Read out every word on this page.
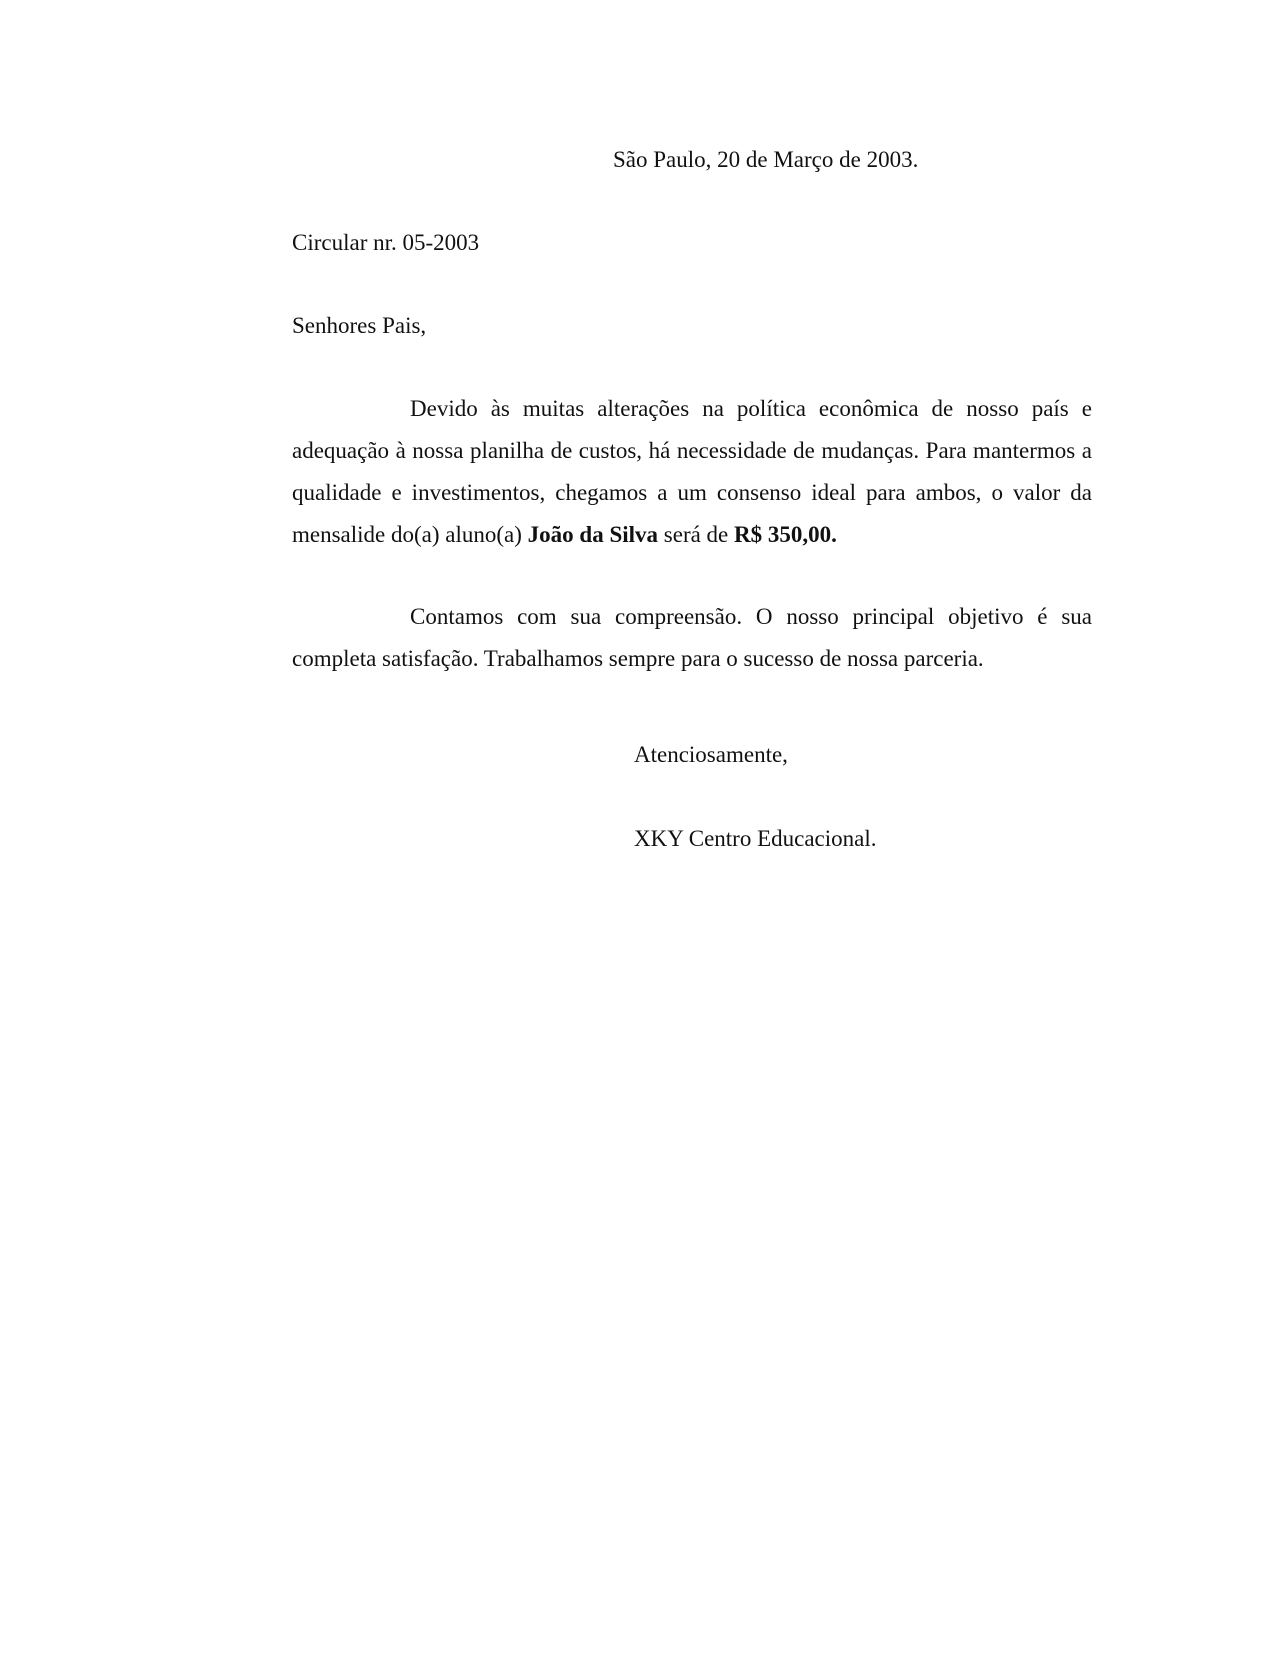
São Paulo, 20 de Março de 2003.
Circular nr. 05-2003
Senhores Pais,

Devido às muitas alterações na política econômica de nosso país e adequação à nossa planilha de custos, há necessidade de mudanças. Para mantermos a qualidade e investimentos, chegamos a um consenso ideal para ambos, o valor da mensalide do(a) aluno(a) João da Silva será de R$ 350,00.

Contamos com sua compreensão. O nosso principal objetivo é sua completa satisfação. Trabalhamos sempre para o sucesso de nossa parceria.

Atenciosamente,
XKY Centro Educacional.
